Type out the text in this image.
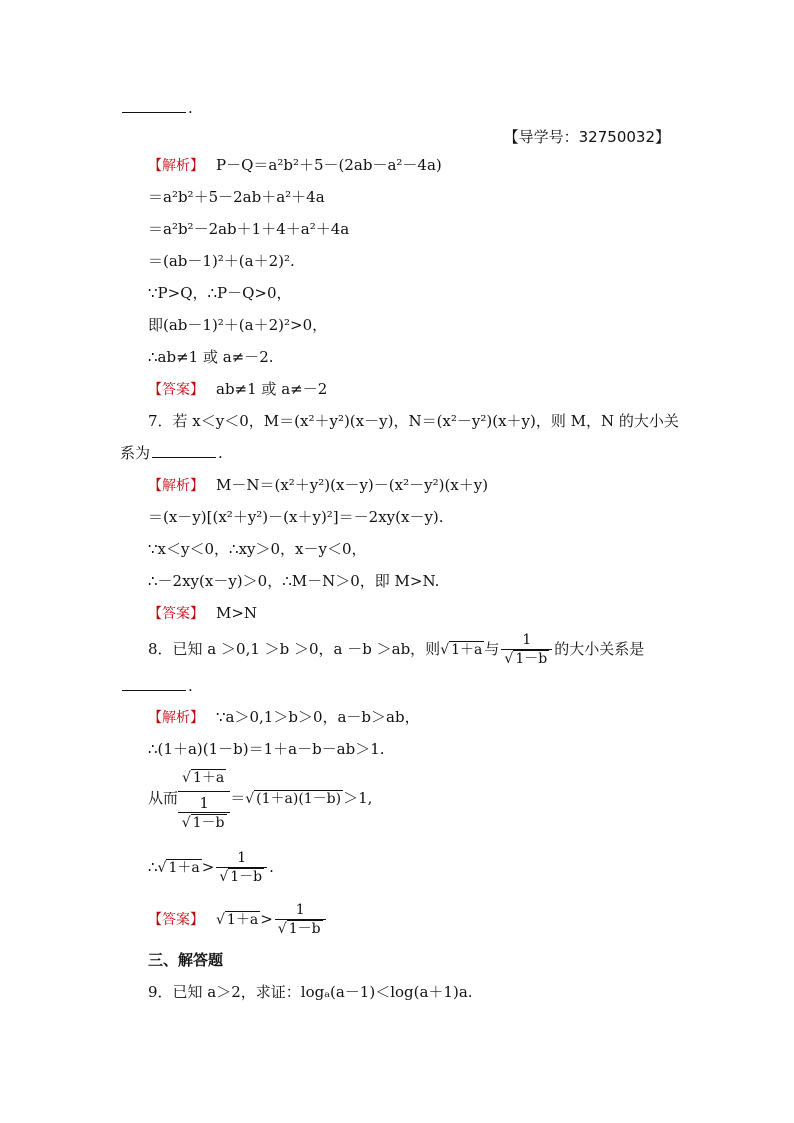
.
【导学号：32750032】
【解析】 P－Q＝a²b²＋5－(2ab－a²－4a)
＝a²b²＋5－2ab＋a²＋4a
＝a²b²－2ab＋1＋4＋a²＋4a
＝(ab－1)²＋(a＋2)².
∵P>Q，∴P－Q>0，
即(ab－1)²＋(a＋2)²>0，
∴ab≠1 或 a≠－2.
【答案】 ab≠1 或 a≠－2
7．若 x＜y＜0，M＝(x²＋y²)(x－y)，N＝(x²－y²)(x＋y)，则 M，N 的大小关
系为	.
【解析】 M－N＝(x²＋y²)(x－y)－(x²－y²)(x＋y)
＝(x－y)[(x²＋y²)－(x＋y)²]＝－2xy(x－y).
∵x＜y＜0，∴xy＞0，x－y＜0，
∴－2xy(x－y)＞0，∴M－N＞0，即 M>N.
【答案】 M>N
8．已知 a ＞0,1 ＞b ＞0，a －b ＞ab，则√ 1＋a 与 $\frac{1}{√ 1-b}$ 的大小关系是
.
【解析】 ∵a＞0,1＞b＞0，a－b＞ab，
∴(1＋a)(1－b)＝1＋a－b－ab＞1.
从而 √ 1＋a
1
√ 1－b ＝√ (1＋a)(1－b) ＞1,
∴√ $1+a > \frac{1}{√ 1-b}$ .
【答案】 √ $1+a > \frac{1}{√ 1-b}$
三、解答题
9．已知 a＞2，求证：logₐ(a－1)＜log(a＋1)a.
